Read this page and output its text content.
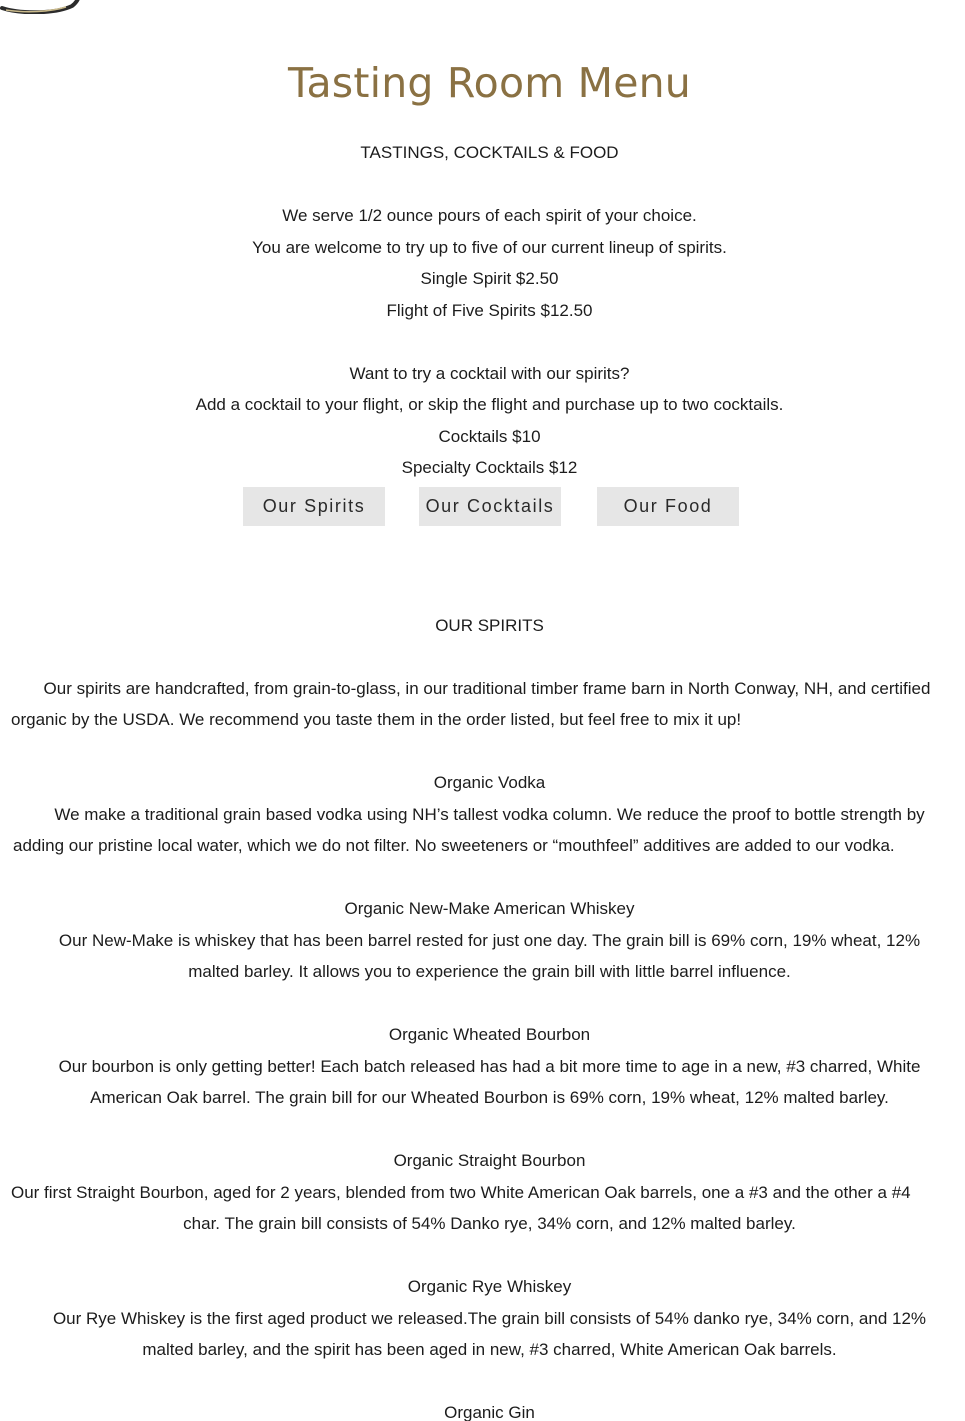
Tasting Room Menu

TASTINGS, COCKTAILS & FOOD

We serve 1/2 ounce pours of each spirit of your choice.

You are welcome to try up to five of our current lineup of spirits.

Single Spirit $2.50

Flight of Five Spirits $12.50

Want to try a cocktail with our spirits?

Add a cocktail to your flight, or skip the flight and purchase up to two cocktails.

Cocktails $10

Specialty Cocktails $12

Our Spirits	Our Cocktails	Our Food

OUR SPIRITS

Our spirits are handcrafted, from grain-to-glass, in our traditional timber frame barn in North Conway, NH, and certified

organic by the USDA. We recommend you taste them in the order listed, but feel free to mix it up!

Organic Vodka

We make a traditional grain based vodka using NH’s tallest vodka column. We reduce the proof to bottle strength by

adding our pristine local water, which we do not filter. No sweeteners or “mouthfeel” additives are added to our vodka.

Organic New-Make American Whiskey

Our New-Make is whiskey that has been barrel rested for just one day. The grain bill is 69% corn, 19% wheat, 12%

malted barley. It allows you to experience the grain bill with little barrel influence.

Organic Wheated Bourbon

Our bourbon is only getting better! Each batch released has had a bit more time to age in a new, #3 charred, White

American Oak barrel. The grain bill for our Wheated Bourbon is 69% corn, 19% wheat, 12% malted barley.

Organic Straight Bourbon

Our first Straight Bourbon, aged for 2 years, blended from two White American Oak barrels, one a #3 and the other a #4

char. The grain bill consists of 54% Danko rye, 34% corn, and 12% malted barley.

Organic Rye Whiskey

Our Rye Whiskey is the first aged product we released.The grain bill consists of 54% danko rye, 34% corn, and 12%

malted barley, and the spirit has been aged in new, #3 charred, White American Oak barrels.

Organic Gin
